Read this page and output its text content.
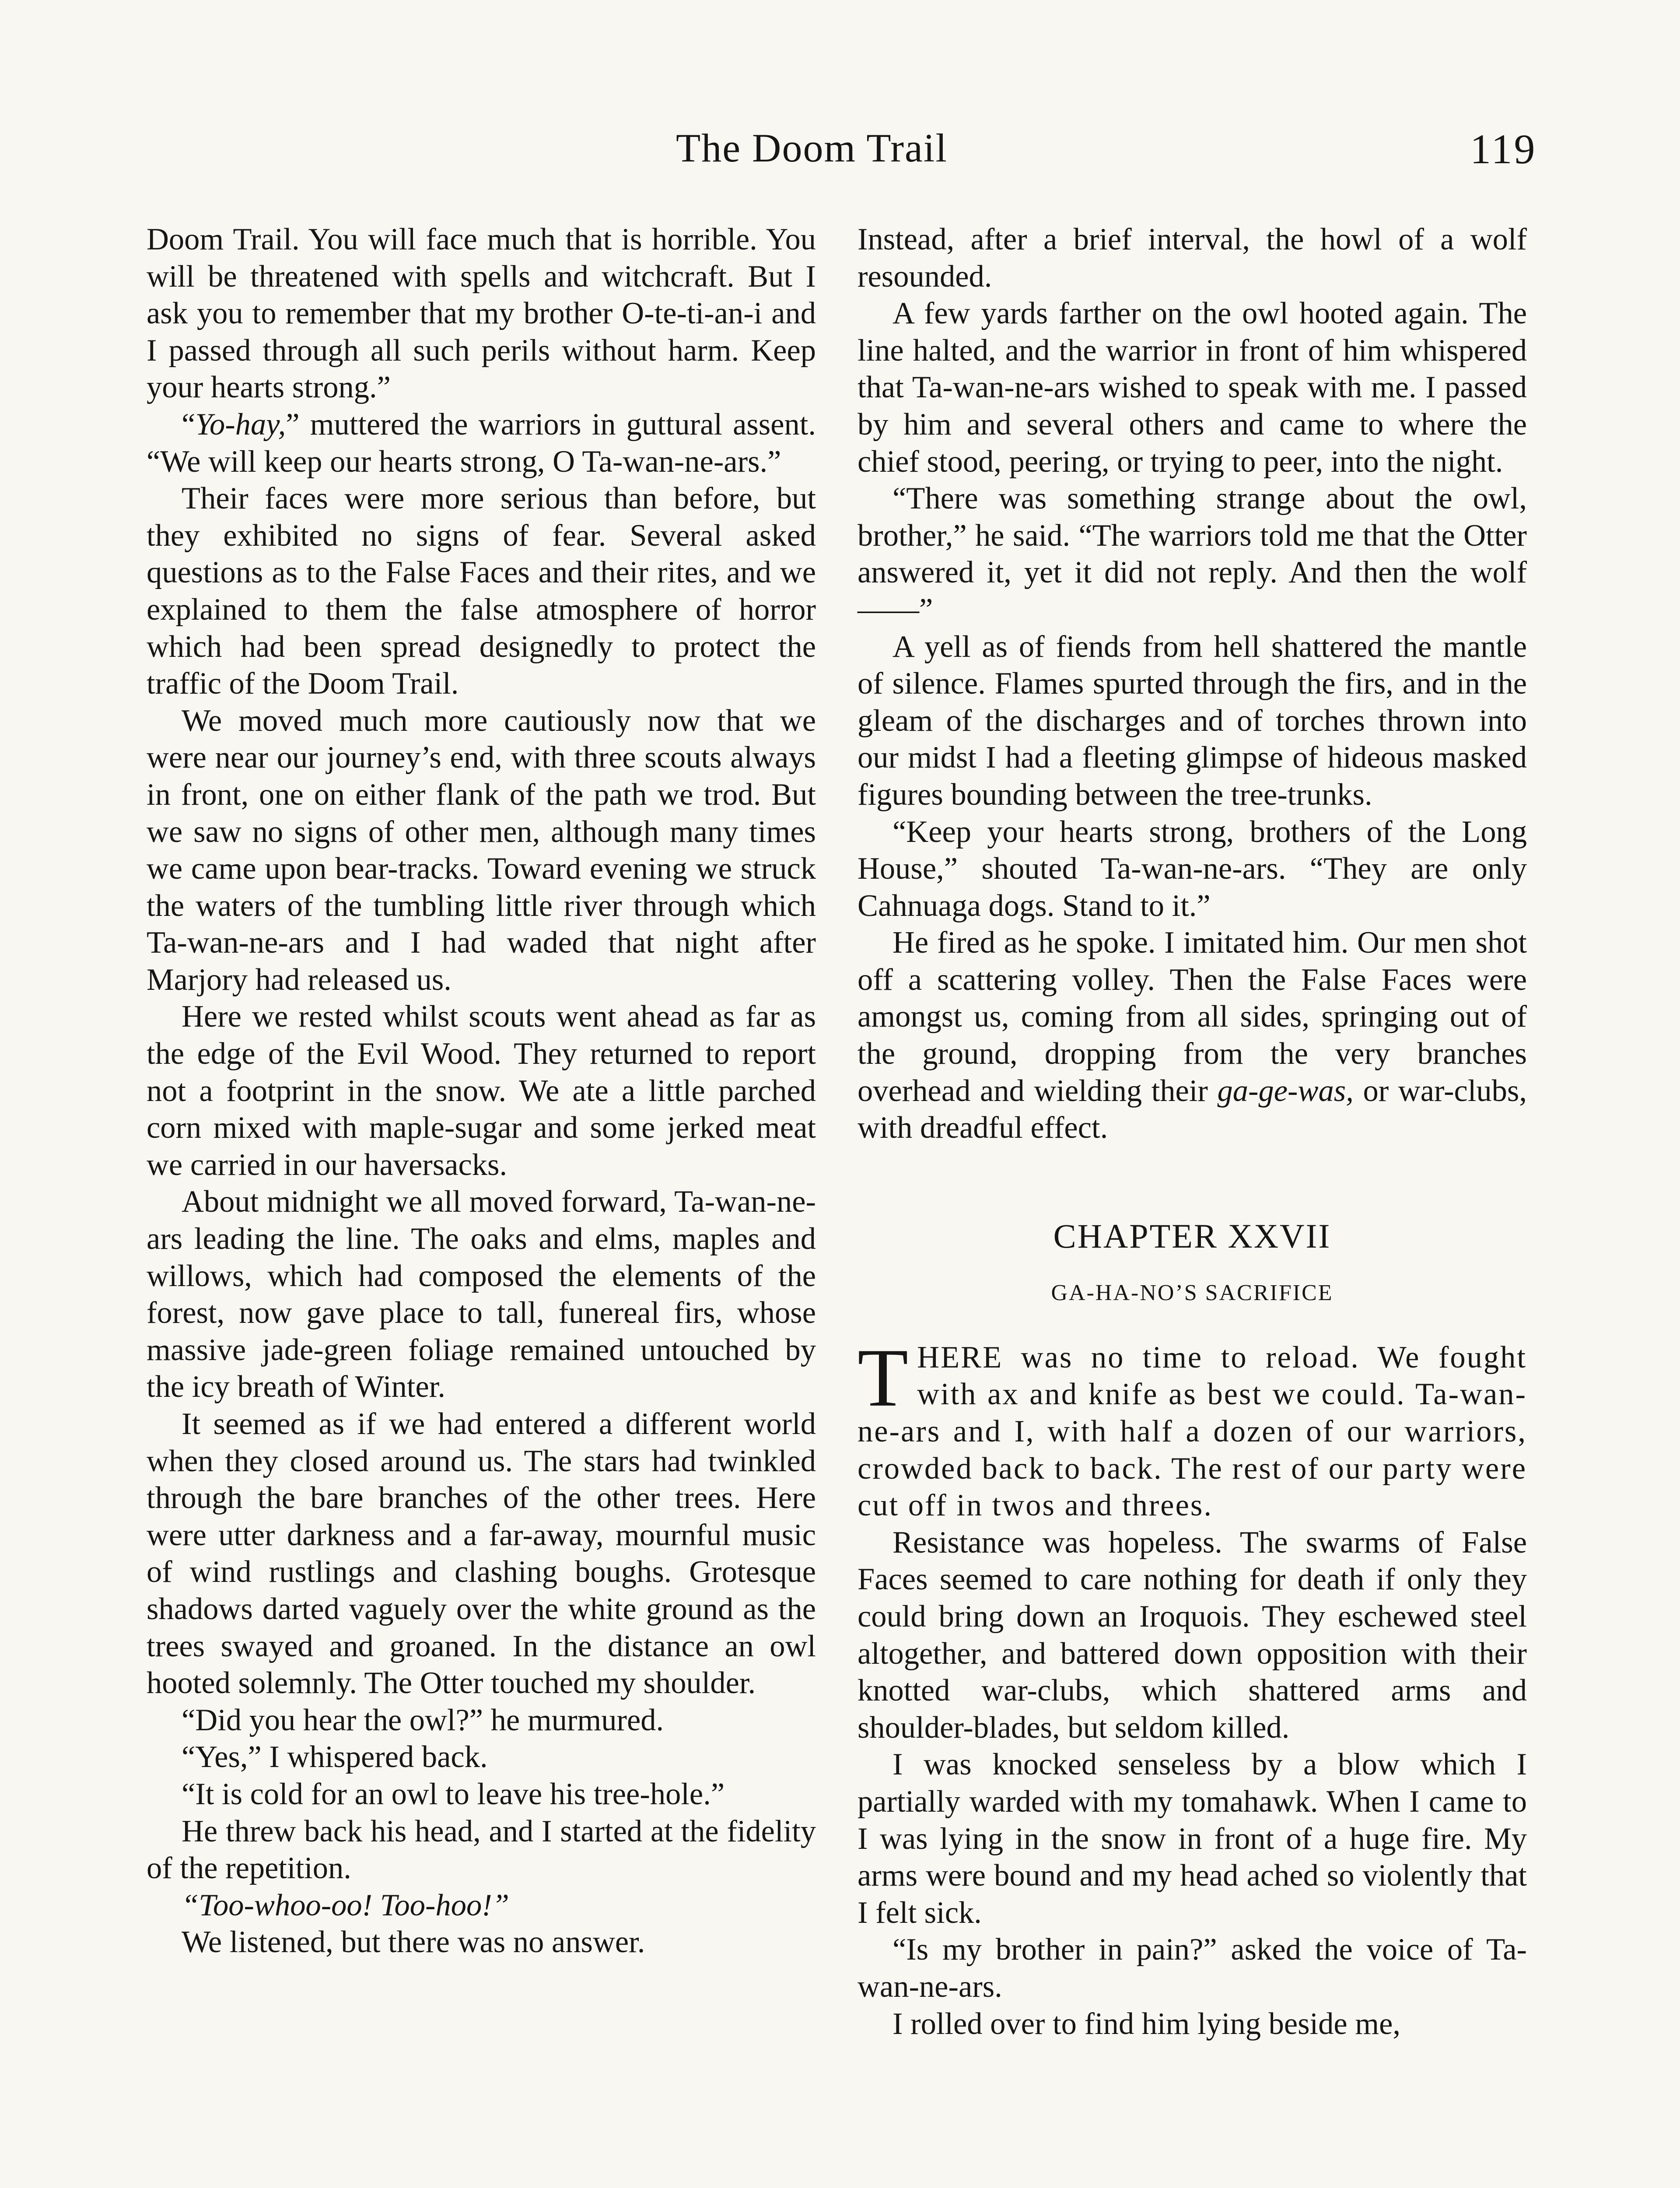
The Doom Trail	119

Doom Trail. You will face much that is horrible. You will be threatened with spells and witchcraft. But I ask you to remember that my brother O-te-ti-an-i and I passed through all such perils without harm. Keep your hearts strong.”

“Yo-hay,” muttered the warriors in guttural assent. “We will keep our hearts strong, O Ta-wan-ne-ars.”

Their faces were more serious than before, but they exhibited no signs of fear. Several asked questions as to the False Faces and their rites, and we explained to them the false atmosphere of horror which had been spread designedly to protect the traffic of the Doom Trail.

We moved much more cautiously now that we were near our journey’s end, with three scouts always in front, one on either flank of the path we trod. But we saw no signs of other men, although many times we came upon bear-tracks. Toward evening we struck the waters of the tumbling little river through which Ta-wan-ne-ars and I had waded that night after Marjory had released us.

Here we rested whilst scouts went ahead as far as the edge of the Evil Wood. They returned to report not a footprint in the snow. We ate a little parched corn mixed with maple-sugar and some jerked meat we carried in our haversacks.

About midnight we all moved forward, Ta-wan-ne-ars leading the line. The oaks and elms, maples and willows, which had composed the elements of the forest, now gave place to tall, funereal firs, whose massive jade-green foliage remained untouched by the icy breath of Winter.

It seemed as if we had entered a different world when they closed around us. The stars had twinkled through the bare branches of the other trees. Here were utter darkness and a far-away, mournful music of wind rustlings and clashing boughs. Grotesque shadows darted vaguely over the white ground as the trees swayed and groaned. In the distance an owl hooted solemnly. The Otter touched my shoulder.

“Did you hear the owl?” he murmured.

“Yes,” I whispered back.

“It is cold for an owl to leave his tree-hole.”

He threw back his head, and I started at the fidelity of the repetition.

“Too-whoo-oo! Too-hoo!”

We listened, but there was no answer.

Instead, after a brief interval, the howl of a wolf resounded.

A few yards farther on the owl hooted again. The line halted, and the warrior in front of him whispered that Ta-wan-ne-ars wished to speak with me. I passed by him and several others and came to where the chief stood, peering, or trying to peer, into the night.

“There was something strange about the owl, brother,” he said. “The warriors told me that the Otter answered it, yet it did not reply. And then the wolf——”

A yell as of fiends from hell shattered the mantle of silence. Flames spurted through the firs, and in the gleam of the discharges and of torches thrown into our midst I had a fleeting glimpse of hideous masked figures bounding between the tree-trunks.

“Keep your hearts strong, brothers of the Long House,” shouted Ta-wan-ne-ars. “They are only Cahnuaga dogs. Stand to it.”

He fired as he spoke. I imitated him. Our men shot off a scattering volley. Then the False Faces were amongst us, coming from all sides, springing out of the ground, dropping from the very branches overhead and wielding their ga-ge-was, or war-clubs, with dreadful effect.

CHAPTER XXVII
GA-HA-NO’S SACRIFICE

THERE was no time to reload. We fought with ax and knife as best we could. Ta-wan-ne-ars and I, with half a dozen of our warriors, crowded back to back. The rest of our party were cut off in twos and threes.

Resistance was hopeless. The swarms of False Faces seemed to care nothing for death if only they could bring down an Iroquois. They eschewed steel altogether, and battered down opposition with their knotted war-clubs, which shattered arms and shoulder-blades, but seldom killed.

I was knocked senseless by a blow which I partially warded with my tomahawk. When I came to I was lying in the snow in front of a huge fire. My arms were bound and my head ached so violently that I felt sick.

“Is my brother in pain?” asked the voice of Ta-wan-ne-ars.

I rolled over to find him lying beside me,
